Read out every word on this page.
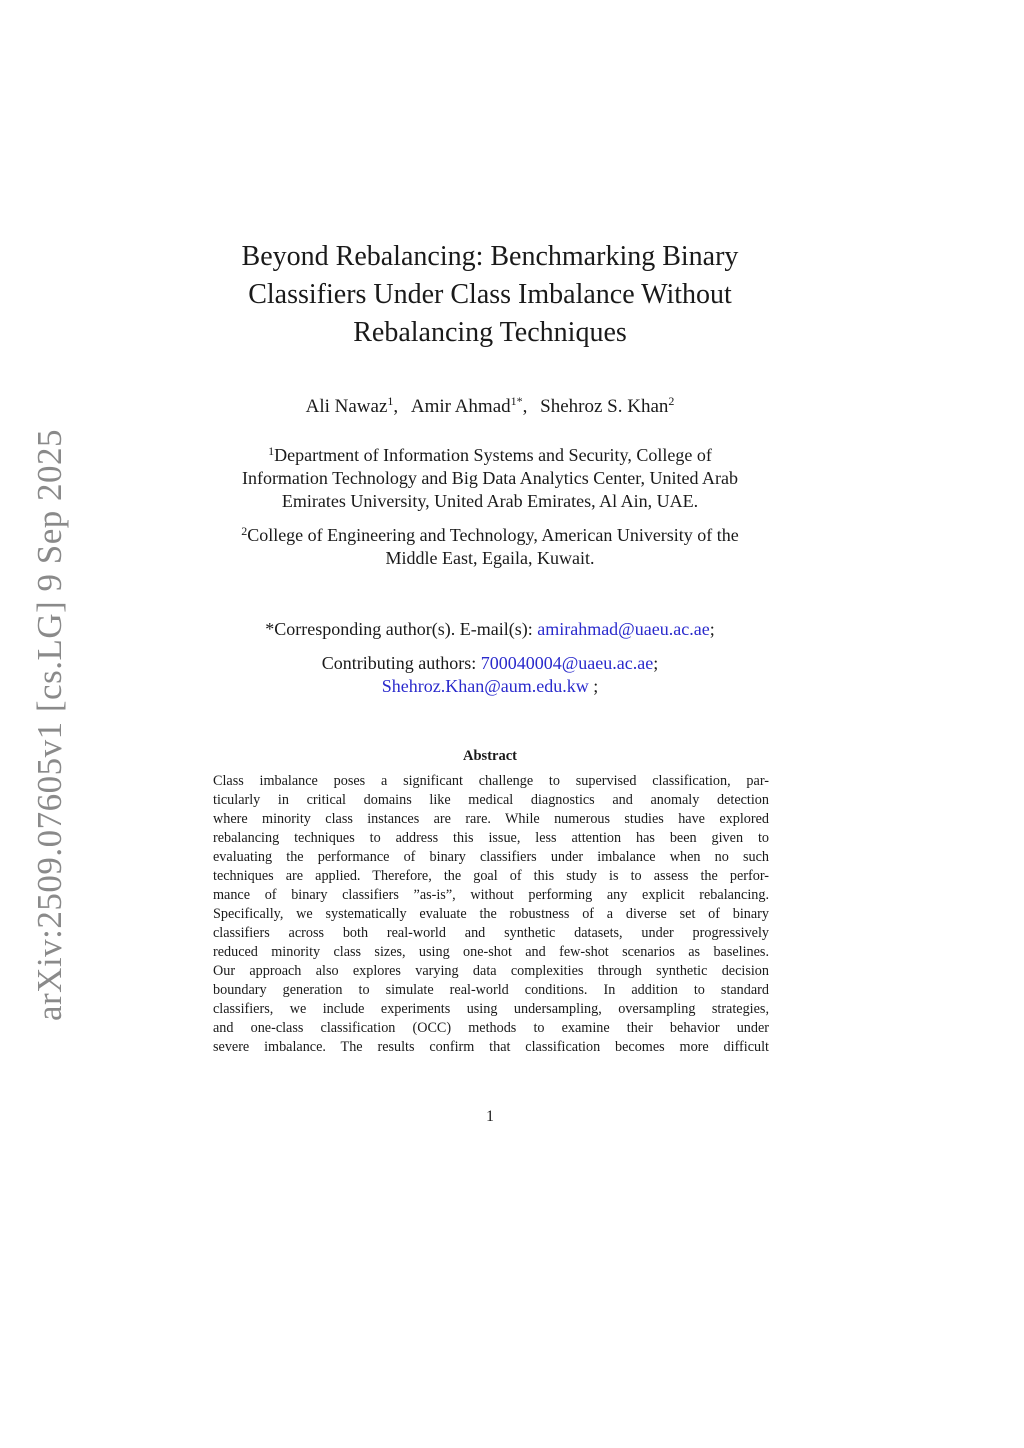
arXiv:2509.07605v1 [cs.LG] 9 Sep 2025
Beyond Rebalancing: Benchmarking Binary
Classifiers Under Class Imbalance Without
Rebalancing Techniques
Ali Nawaz$^1$, Amir Ahmad$^{1*}$, Shehroz S. Khan$^2$
$^1$Department of Information Systems and Security, College of
Information Technology and Big Data Analytics Center, United Arab
Emirates University, United Arab Emirates, Al Ain, UAE.
$^2$College of Engineering and Technology, American University of the
Middle East, Egaila, Kuwait.
*Corresponding author(s). E-mail(s): amirahmad@uaeu.ac.ae;
Contributing authors: 700040004@uaeu.ac.ae;
Shehroz.Khan@aum.edu.kw ;
Abstract
Class imbalance poses a significant challenge to supervised classification, par-
ticularly in critical domains like medical diagnostics and anomaly detection
where minority class instances are rare. While numerous studies have explored
rebalancing techniques to address this issue, less attention has been given to
evaluating the performance of binary classifiers under imbalance when no such
techniques are applied. Therefore, the goal of this study is to assess the perfor-
mance of binary classifiers ”as-is”, without performing any explicit rebalancing.
Specifically, we systematically evaluate the robustness of a diverse set of binary
classifiers across both real-world and synthetic datasets, under progressively
reduced minority class sizes, using one-shot and few-shot scenarios as baselines.
Our approach also explores varying data complexities through synthetic decision
boundary generation to simulate real-world conditions. In addition to standard
classifiers, we include experiments using undersampling, oversampling strategies,
and one-class classification (OCC) methods to examine their behavior under
severe imbalance. The results confirm that classification becomes more difficult
1
